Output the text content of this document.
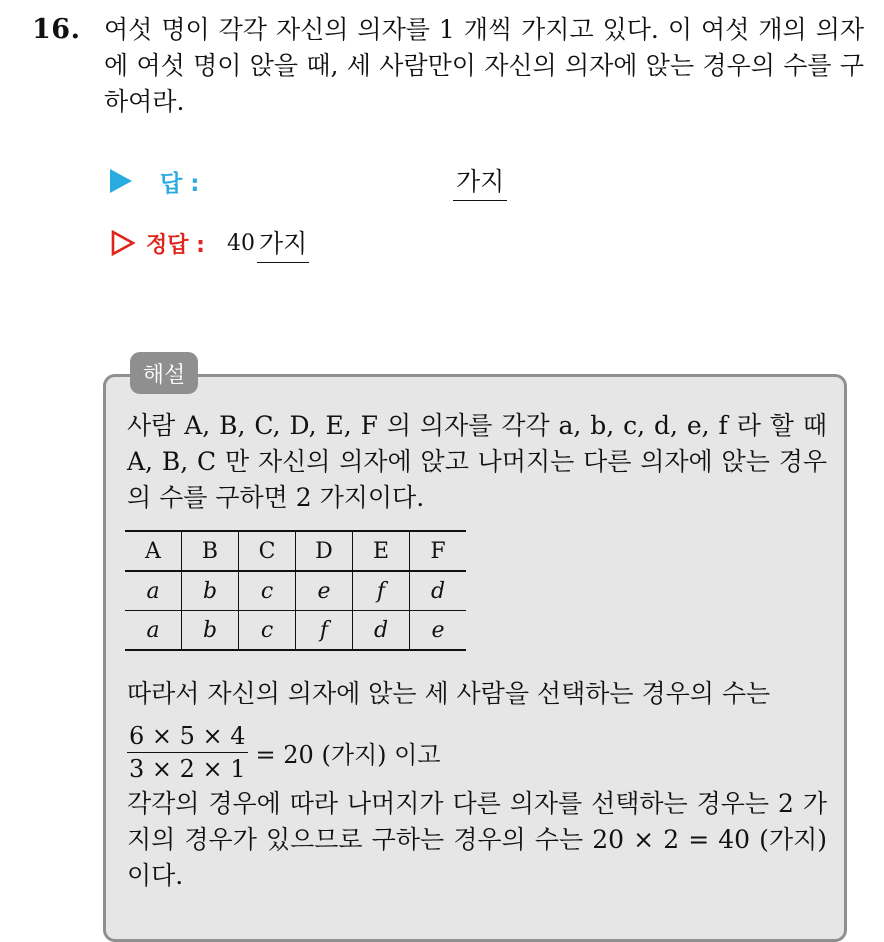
16. 여섯 명이 각각 자신의 의자를 1 개씩 가지고 있다. 이 여섯 개의 의자에 여섯 명이 앉을 때, 세 사람만이 자신의 의자에 앉는 경우의 수를 구하여라.
답 :	가지
정답 : 40 가지
해설
사람 A, B, C, D, E, F 의 의자를 각각 a, b, c, d, e, f 라 할 때 A, B, C 만 자신의 의자에 앉고 나머지는 다른 의자에 앉는 경우의 수를 구하면 2 가지이다.
A	B	C	D	E	F
a	b	c	e	f	d
a	b	c	f	d	e
따라서 자신의 의자에 앉는 세 사람을 선택하는 경우의 수는
$\frac{6 \times 5 \times 4}{3 \times 2 \times 1} = 20$ (가지) 이고
각각의 경우에 따라 나머지가 다른 의자를 선택하는 경우는 2 가지의 경우가 있으므로 구하는 경우의 수는 20 × 2 = 40 (가지) 이다.
